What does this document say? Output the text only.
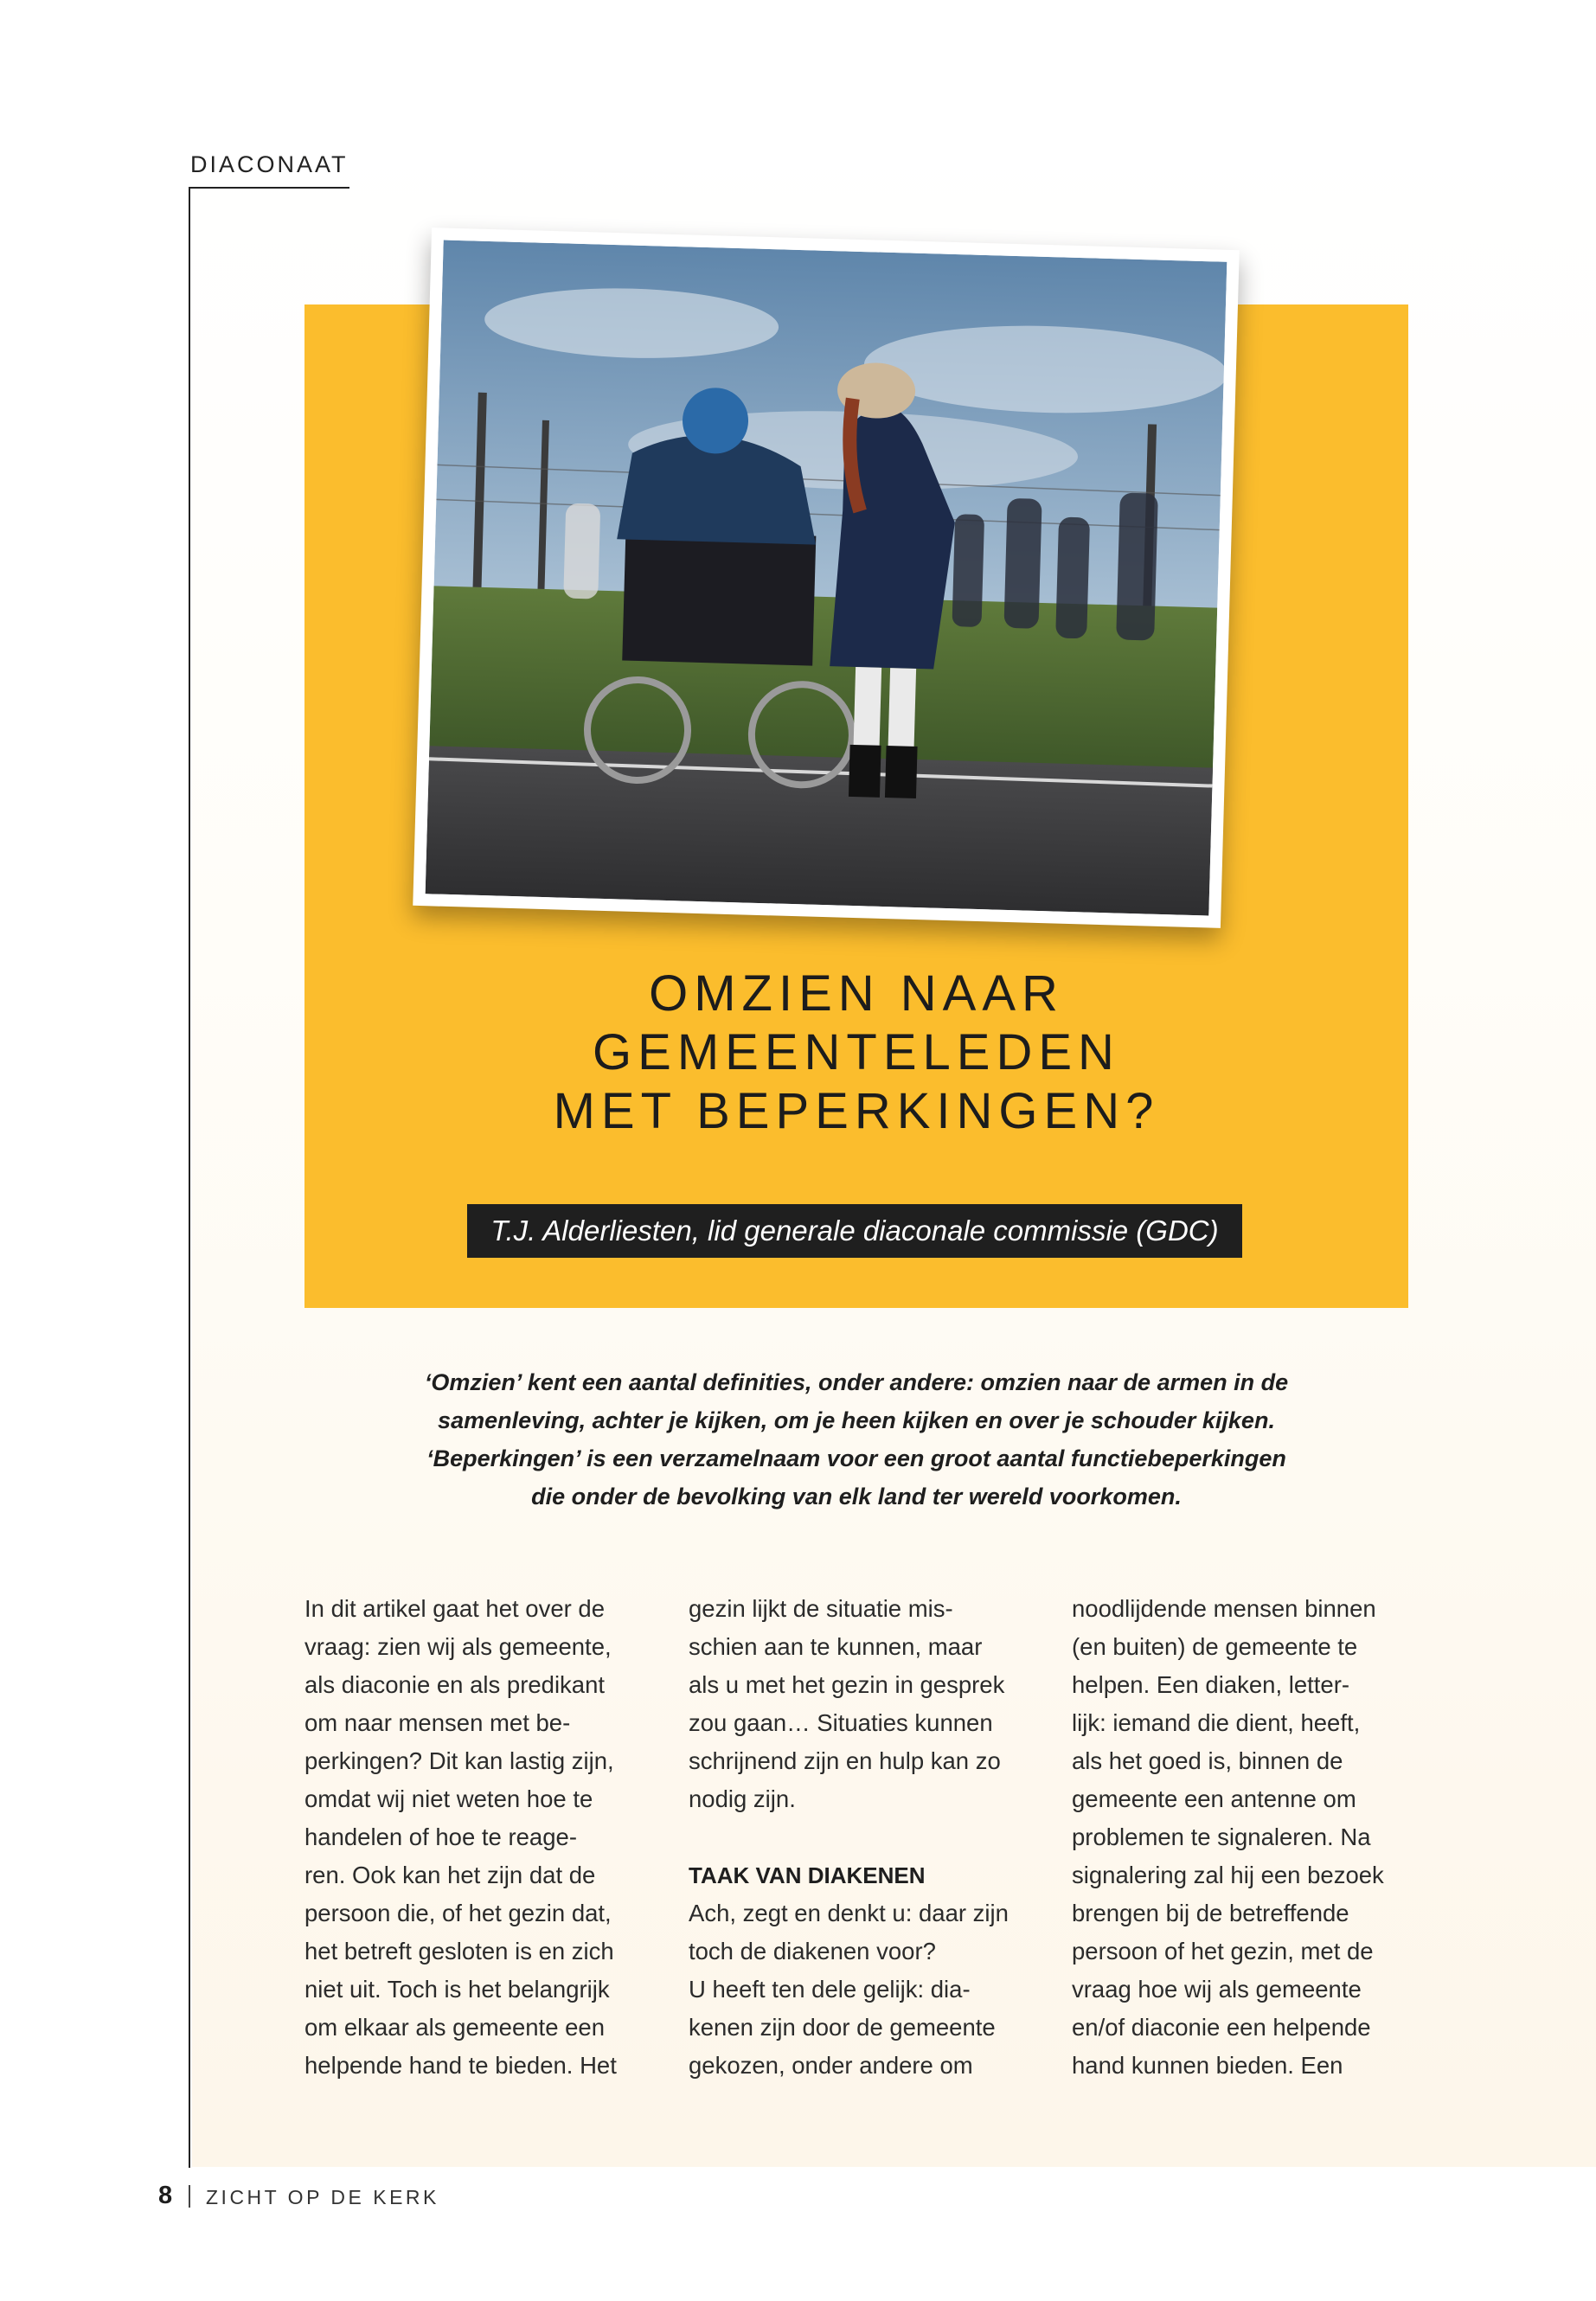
DIACONAAT
OMZIEN NAAR
GEMEENTELEDEN
MET BEPERKINGEN?
T.J. Alderliesten, lid generale diaconale commissie (GDC)
‘Omzien’ kent een aantal definities, onder andere: omzien naar de armen in de
samenleving, achter je kijken, om je heen kijken en over je schouder kijken.
‘Beperkingen’ is een verzamelnaam voor een groot aantal functiebeperkingen
die onder de bevolking van elk land ter wereld voorkomen.

In dit artikel gaat het over de

vraag: zien wij als gemeente,

als diaconie en als predikant

om naar mensen met be-

perkingen? Dit kan lastig zijn,

omdat wij niet weten hoe te

handelen of hoe te reage-

ren. Ook kan het zijn dat de

persoon die, of het gezin dat,

het betreft gesloten is en zich

niet uit. Toch is het belangrijk

om elkaar als gemeente een

helpende hand te bieden. Het

gezin lijkt de situatie mis-

schien aan te kunnen, maar

als u met het gezin in gesprek

zou gaan… Situaties kunnen

schrijnend zijn en hulp kan zo

nodig zijn.

TAAK VAN DIAKENEN

Ach, zegt en denkt u: daar zijn

toch de diakenen voor?

U heeft ten dele gelijk: dia-

kenen zijn door de gemeente

gekozen, onder andere om

noodlijdende mensen binnen

(en buiten) de gemeente te

helpen. Een diaken, letter-

lijk: iemand die dient, heeft,

als het goed is, binnen de

gemeente een antenne om

problemen te signaleren. Na

signalering zal hij een bezoek

brengen bij de betreffende

persoon of het gezin, met de

vraag hoe wij als gemeente

en/of diaconie een helpende

hand kunnen bieden. Een

8 ZICHT OP DE KERK
